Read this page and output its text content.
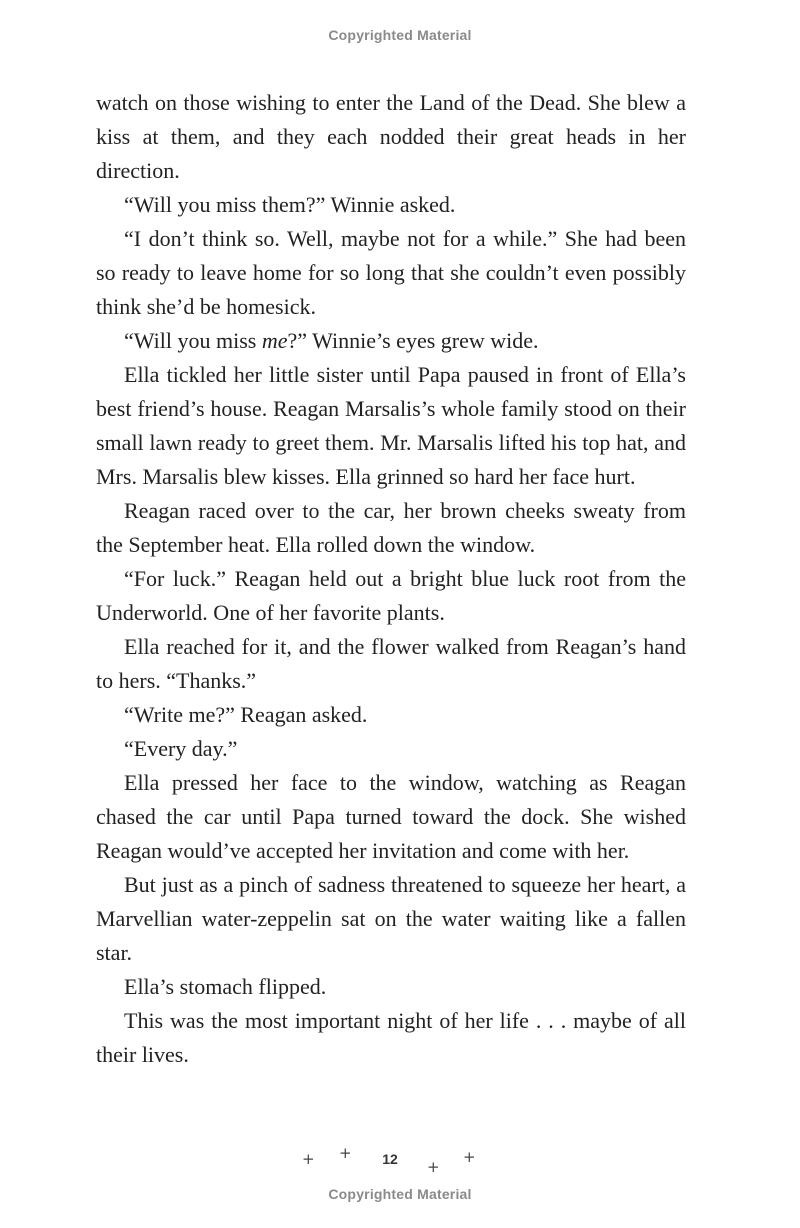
Copyrighted Material

watch on those wishing to enter the Land of the Dead. She blew a kiss at them, and they each nodded their great heads in her direction.

“Will you miss them?” Winnie asked.

“I don’t think so. Well, maybe not for a while.” She had been so ready to leave home for so long that she couldn’t even possibly think she’d be homesick.

“Will you miss me?” Winnie’s eyes grew wide.

Ella tickled her little sister until Papa paused in front of Ella’s best friend’s house. Reagan Marsalis’s whole family stood on their small lawn ready to greet them. Mr. Marsalis lifted his top hat, and Mrs. Marsalis blew kisses. Ella grinned so hard her face hurt.

Reagan raced over to the car, her brown cheeks sweaty from the September heat. Ella rolled down the window.

“For luck.” Reagan held out a bright blue luck root from the Underworld. One of her favorite plants.

Ella reached for it, and the flower walked from Reagan’s hand to hers. “Thanks.”

“Write me?” Reagan asked.

“Every day.”

Ella pressed her face to the window, watching as Reagan chased the car until Papa turned toward the dock. She wished Reagan would’ve accepted her invitation and come with her.

But just as a pinch of sadness threatened to squeeze her heart, a Marvellian water-zeppelin sat on the water waiting like a fallen star.

Ella’s stomach flipped.

This was the most important night of her life . . . maybe of all their lives.

+ +	12	+
+
Copyrighted Material
